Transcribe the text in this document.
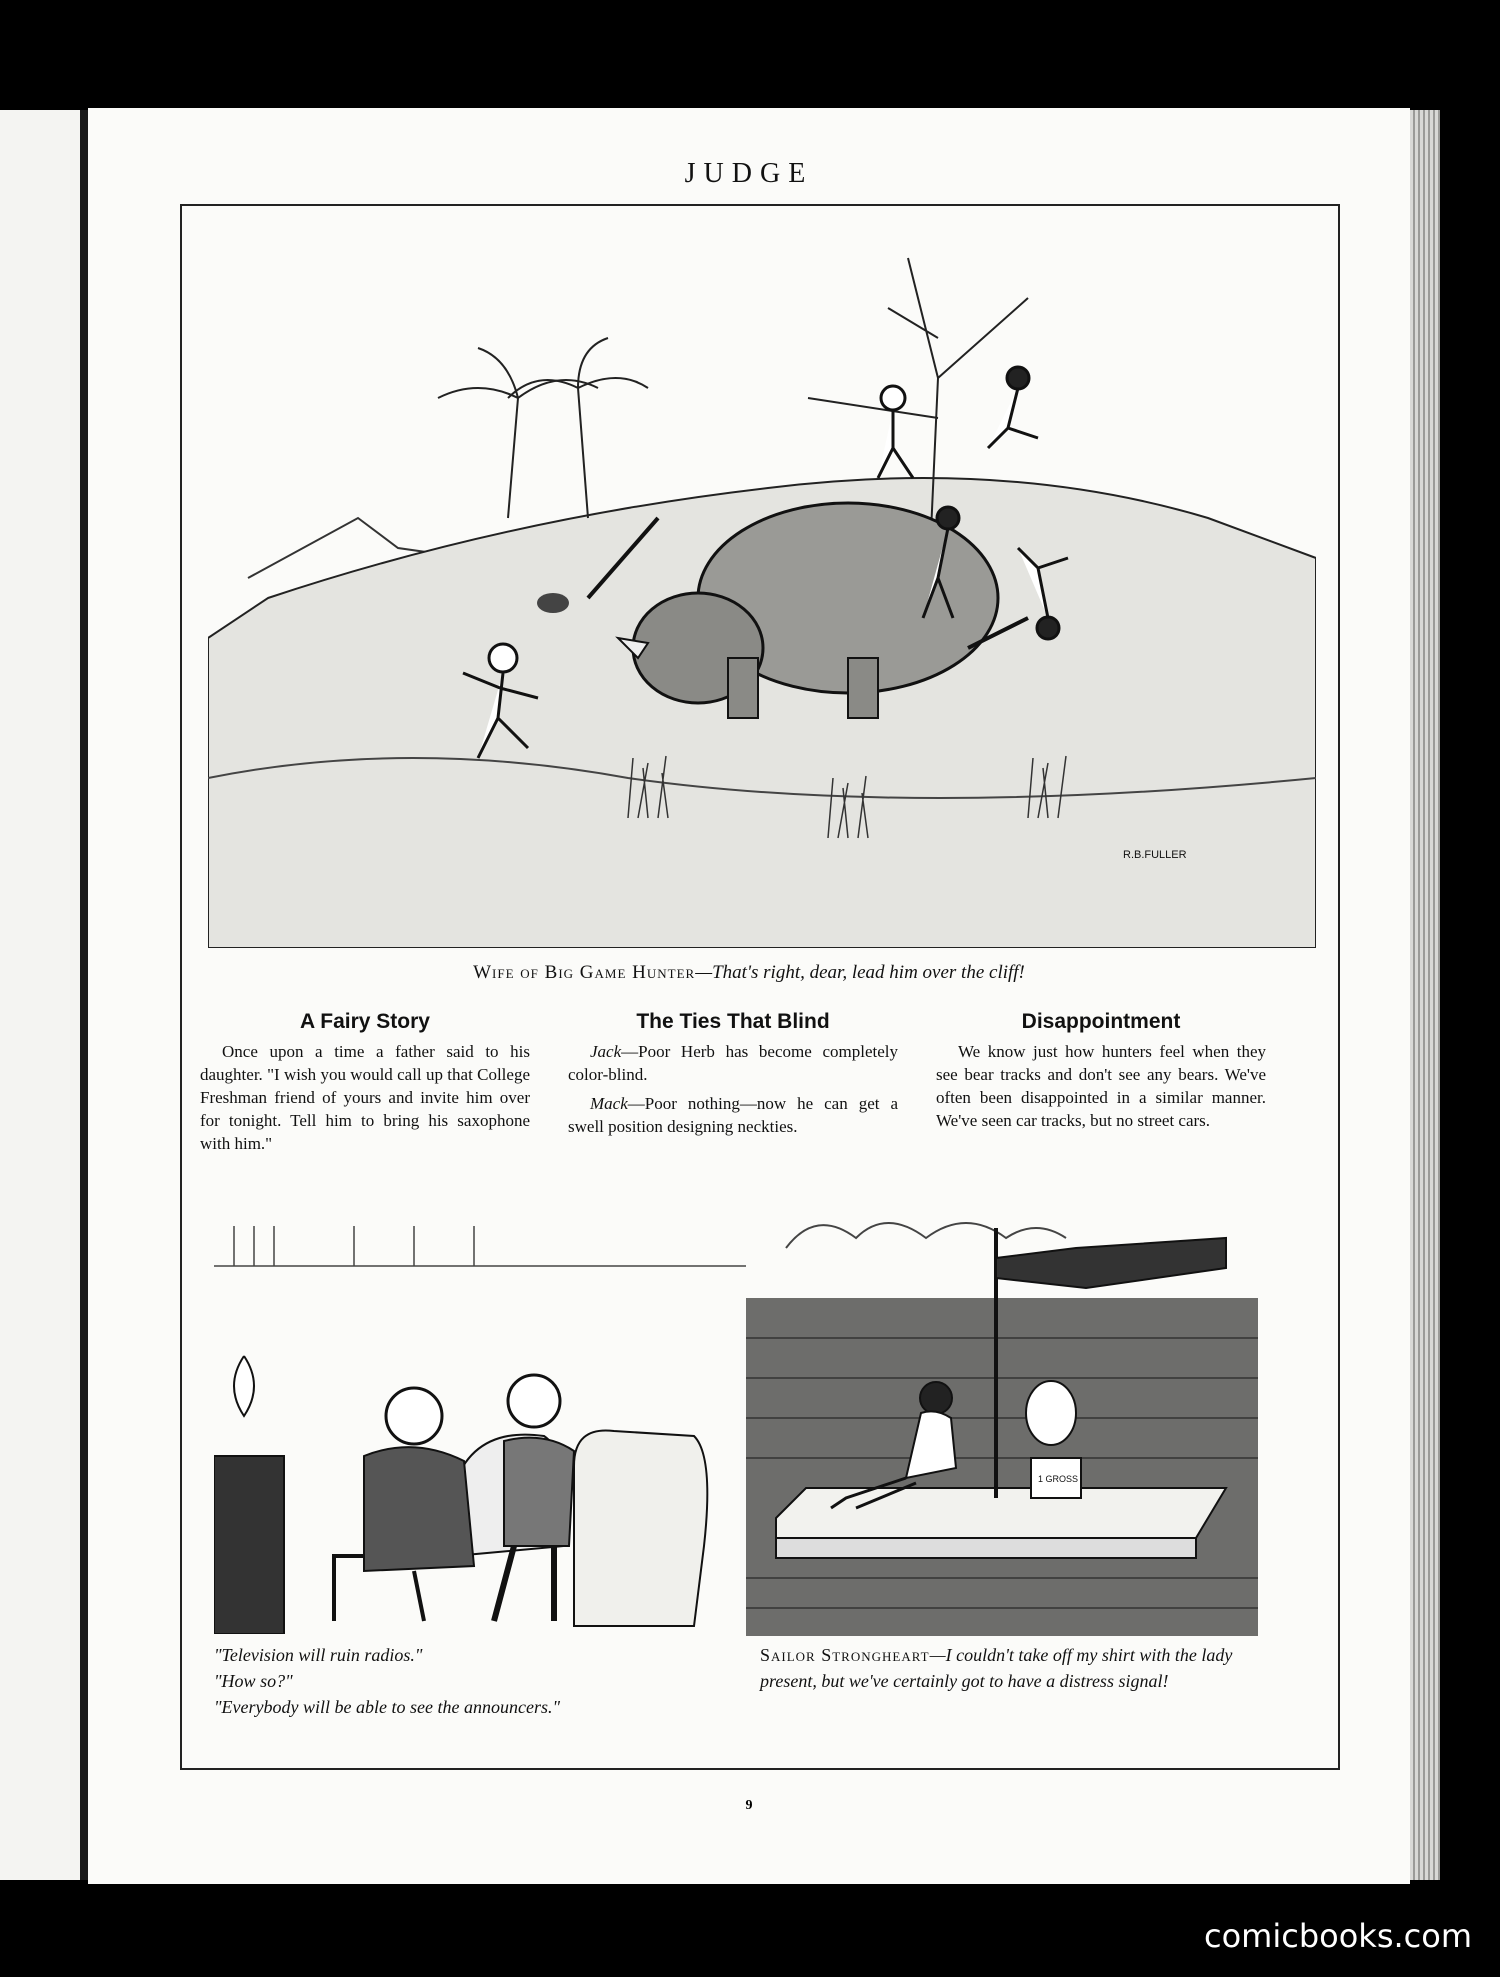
JUDGE
R.B.FULLER
Wife of Big Game Hunter—That's right, dear, lead him over the cliff!
A Fairy Story

Once upon a time a father said to his daughter. "I wish you would call up that College Freshman friend of yours and invite him over for tonight. Tell him to bring his saxophone with him."

The Ties That Blind

Jack—Poor Herb has become completely color-blind.

Mack—Poor nothing—now he can get a swell position designing neckties.

Disappointment

We know just how hunters feel when they see bear tracks and don't see any bears. We've often been disappointed in a similar manner. We've seen car tracks, but no street cars.

"Television will ruin radios."
"How so?"
"Everybody will be able to see the announcers."
1 GROSS
Sailor Strongheart—I couldn't take off my shirt with the lady present, but we've certainly got to have a distress signal!
9
comicbooks.com
